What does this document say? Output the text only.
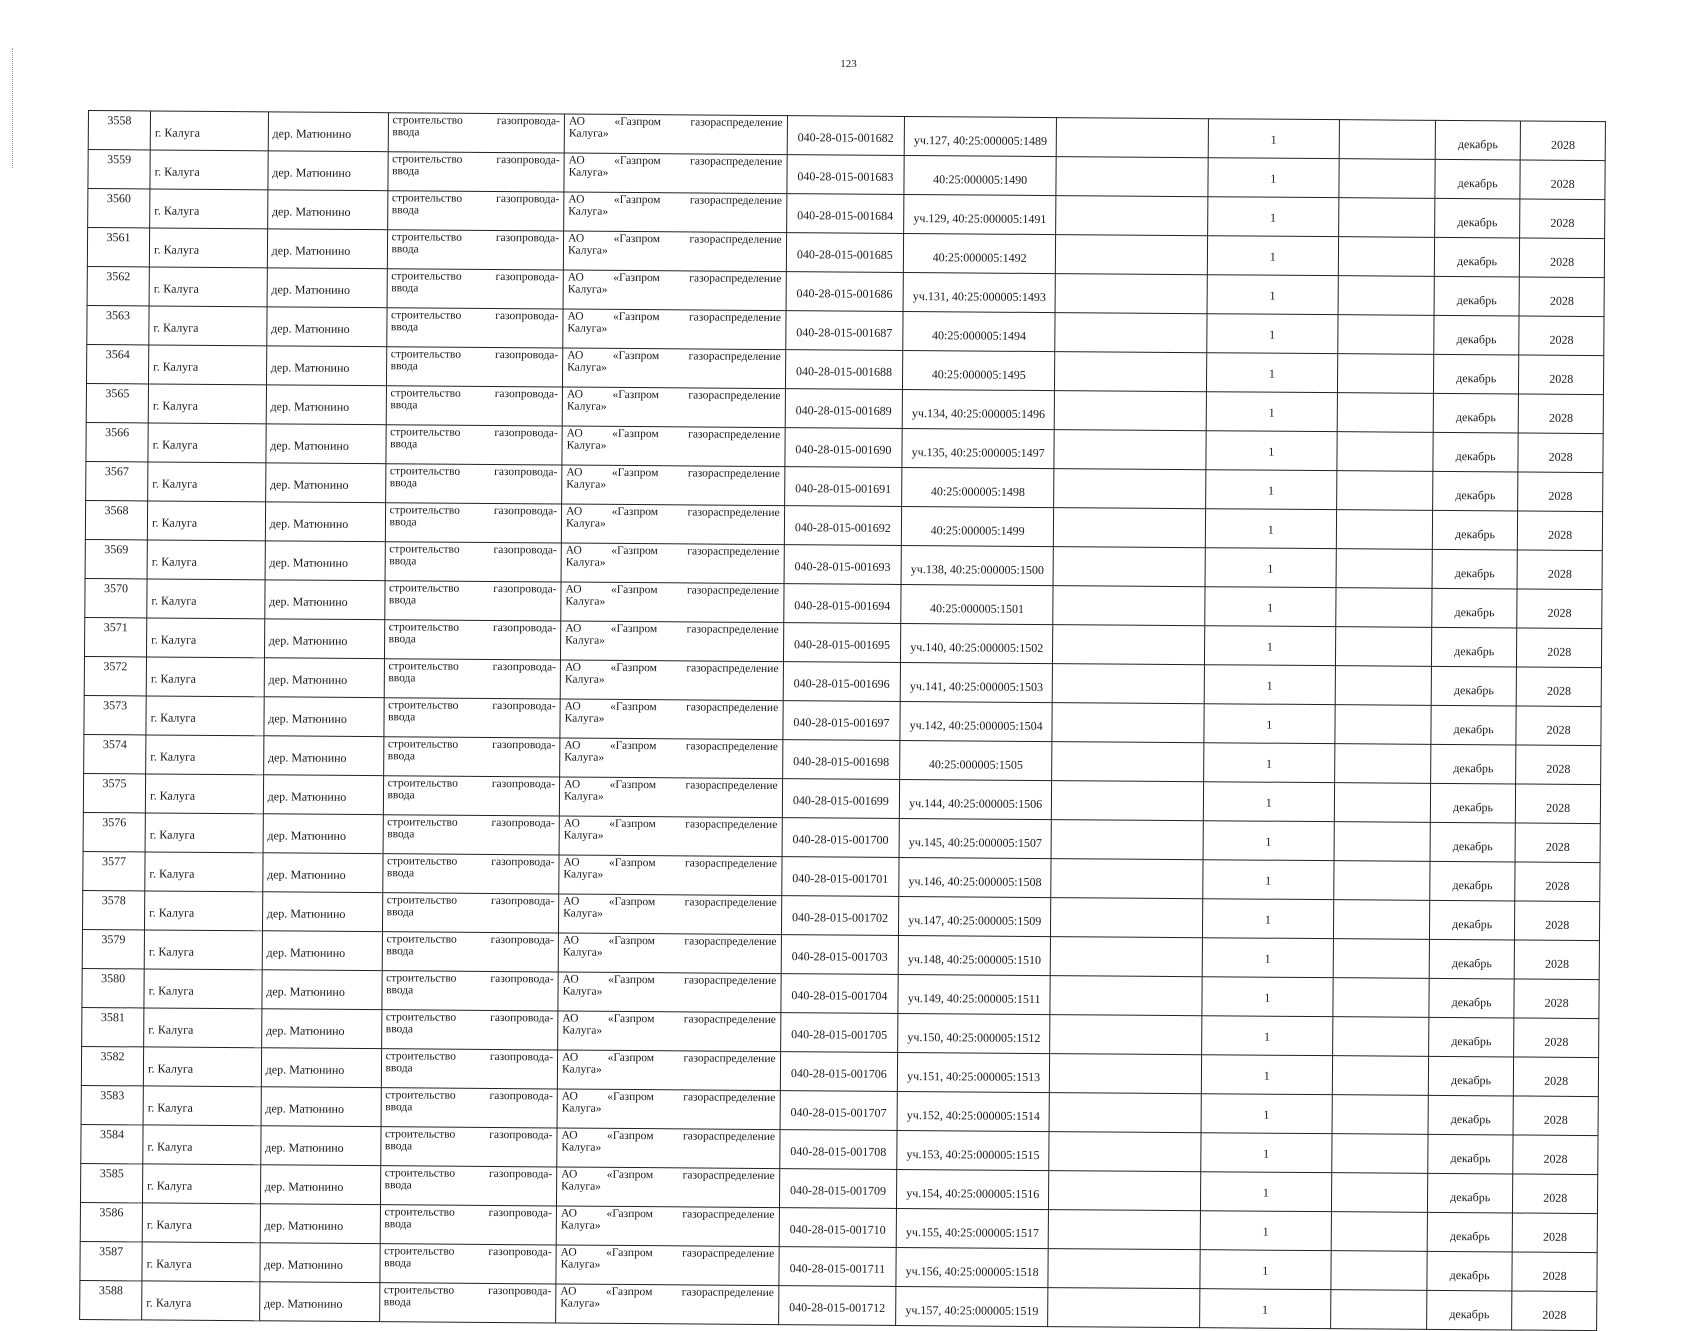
123
3558	г. Калуга	дер. Матюнино	строительство газопровода-
ввода	АО «Газпром газораспределение
Калуга»	040-28-015-001682	уч.127, 40:25:000005:1489		1		декабрь	2028
3559	г. Калуга	дер. Матюнино	строительство газопровода-
ввода	АО «Газпром газораспределение
Калуга»	040-28-015-001683	40:25:000005:1490		1		декабрь	2028
3560	г. Калуга	дер. Матюнино	строительство газопровода-
ввода	АО «Газпром газораспределение
Калуга»	040-28-015-001684	уч.129, 40:25:000005:1491		1		декабрь	2028
3561	г. Калуга	дер. Матюнино	строительство газопровода-
ввода	АО «Газпром газораспределение
Калуга»	040-28-015-001685	40:25:000005:1492		1		декабрь	2028
3562	г. Калуга	дер. Матюнино	строительство газопровода-
ввода	АО «Газпром газораспределение
Калуга»	040-28-015-001686	уч.131, 40:25:000005:1493		1		декабрь	2028
3563	г. Калуга	дер. Матюнино	строительство газопровода-
ввода	АО «Газпром газораспределение
Калуга»	040-28-015-001687	40:25:000005:1494		1		декабрь	2028
3564	г. Калуга	дер. Матюнино	строительство газопровода-
ввода	АО «Газпром газораспределение
Калуга»	040-28-015-001688	40:25:000005:1495		1		декабрь	2028
3565	г. Калуга	дер. Матюнино	строительство газопровода-
ввода	АО «Газпром газораспределение
Калуга»	040-28-015-001689	уч.134, 40:25:000005:1496		1		декабрь	2028
3566	г. Калуга	дер. Матюнино	строительство газопровода-
ввода	АО «Газпром газораспределение
Калуга»	040-28-015-001690	уч.135, 40:25:000005:1497		1		декабрь	2028
3567	г. Калуга	дер. Матюнино	строительство газопровода-
ввода	АО «Газпром газораспределение
Калуга»	040-28-015-001691	40:25:000005:1498		1		декабрь	2028
3568	г. Калуга	дер. Матюнино	строительство газопровода-
ввода	АО «Газпром газораспределение
Калуга»	040-28-015-001692	40:25:000005:1499		1		декабрь	2028
3569	г. Калуга	дер. Матюнино	строительство газопровода-
ввода	АО «Газпром газораспределение
Калуга»	040-28-015-001693	уч.138, 40:25:000005:1500		1		декабрь	2028
3570	г. Калуга	дер. Матюнино	строительство газопровода-
ввода	АО «Газпром газораспределение
Калуга»	040-28-015-001694	40:25:000005:1501		1		декабрь	2028
3571	г. Калуга	дер. Матюнино	строительство газопровода-
ввода	АО «Газпром газораспределение
Калуга»	040-28-015-001695	уч.140, 40:25:000005:1502		1		декабрь	2028
3572	г. Калуга	дер. Матюнино	строительство газопровода-
ввода	АО «Газпром газораспределение
Калуга»	040-28-015-001696	уч.141, 40:25:000005:1503		1		декабрь	2028
3573	г. Калуга	дер. Матюнино	строительство газопровода-
ввода	АО «Газпром газораспределение
Калуга»	040-28-015-001697	уч.142, 40:25:000005:1504		1		декабрь	2028
3574	г. Калуга	дер. Матюнино	строительство газопровода-
ввода	АО «Газпром газораспределение
Калуга»	040-28-015-001698	40:25:000005:1505		1		декабрь	2028
3575	г. Калуга	дер. Матюнино	строительство газопровода-
ввода	АО «Газпром газораспределение
Калуга»	040-28-015-001699	уч.144, 40:25:000005:1506		1		декабрь	2028
3576	г. Калуга	дер. Матюнино	строительство газопровода-
ввода	АО «Газпром газораспределение
Калуга»	040-28-015-001700	уч.145, 40:25:000005:1507		1		декабрь	2028
3577	г. Калуга	дер. Матюнино	строительство газопровода-
ввода	АО «Газпром газораспределение
Калуга»	040-28-015-001701	уч.146, 40:25:000005:1508		1		декабрь	2028
3578	г. Калуга	дер. Матюнино	строительство газопровода-
ввода	АО «Газпром газораспределение
Калуга»	040-28-015-001702	уч.147, 40:25:000005:1509		1		декабрь	2028
3579	г. Калуга	дер. Матюнино	строительство газопровода-
ввода	АО «Газпром газораспределение
Калуга»	040-28-015-001703	уч.148, 40:25:000005:1510		1		декабрь	2028
3580	г. Калуга	дер. Матюнино	строительство газопровода-
ввода	АО «Газпром газораспределение
Калуга»	040-28-015-001704	уч.149, 40:25:000005:1511		1		декабрь	2028
3581	г. Калуга	дер. Матюнино	строительство газопровода-
ввода	АО «Газпром газораспределение
Калуга»	040-28-015-001705	уч.150, 40:25:000005:1512		1		декабрь	2028
3582	г. Калуга	дер. Матюнино	строительство газопровода-
ввода	АО «Газпром газораспределение
Калуга»	040-28-015-001706	уч.151, 40:25:000005:1513		1		декабрь	2028
3583	г. Калуга	дер. Матюнино	строительство газопровода-
ввода	АО «Газпром газораспределение
Калуга»	040-28-015-001707	уч.152, 40:25:000005:1514		1		декабрь	2028
3584	г. Калуга	дер. Матюнино	строительство газопровода-
ввода	АО «Газпром газораспределение
Калуга»	040-28-015-001708	уч.153, 40:25:000005:1515		1		декабрь	2028
3585	г. Калуга	дер. Матюнино	строительство газопровода-
ввода	АО «Газпром газораспределение
Калуга»	040-28-015-001709	уч.154, 40:25:000005:1516		1		декабрь	2028
3586	г. Калуга	дер. Матюнино	строительство газопровода-
ввода	АО «Газпром газораспределение
Калуга»	040-28-015-001710	уч.155, 40:25:000005:1517		1		декабрь	2028
3587	г. Калуга	дер. Матюнино	строительство газопровода-
ввода	АО «Газпром газораспределение
Калуга»	040-28-015-001711	уч.156, 40:25:000005:1518		1		декабрь	2028
3588	г. Калуга	дер. Матюнино	строительство газопровода-
ввода	АО «Газпром газораспределение
Калуга»	040-28-015-001712	уч.157, 40:25:000005:1519		1		декабрь	2028
